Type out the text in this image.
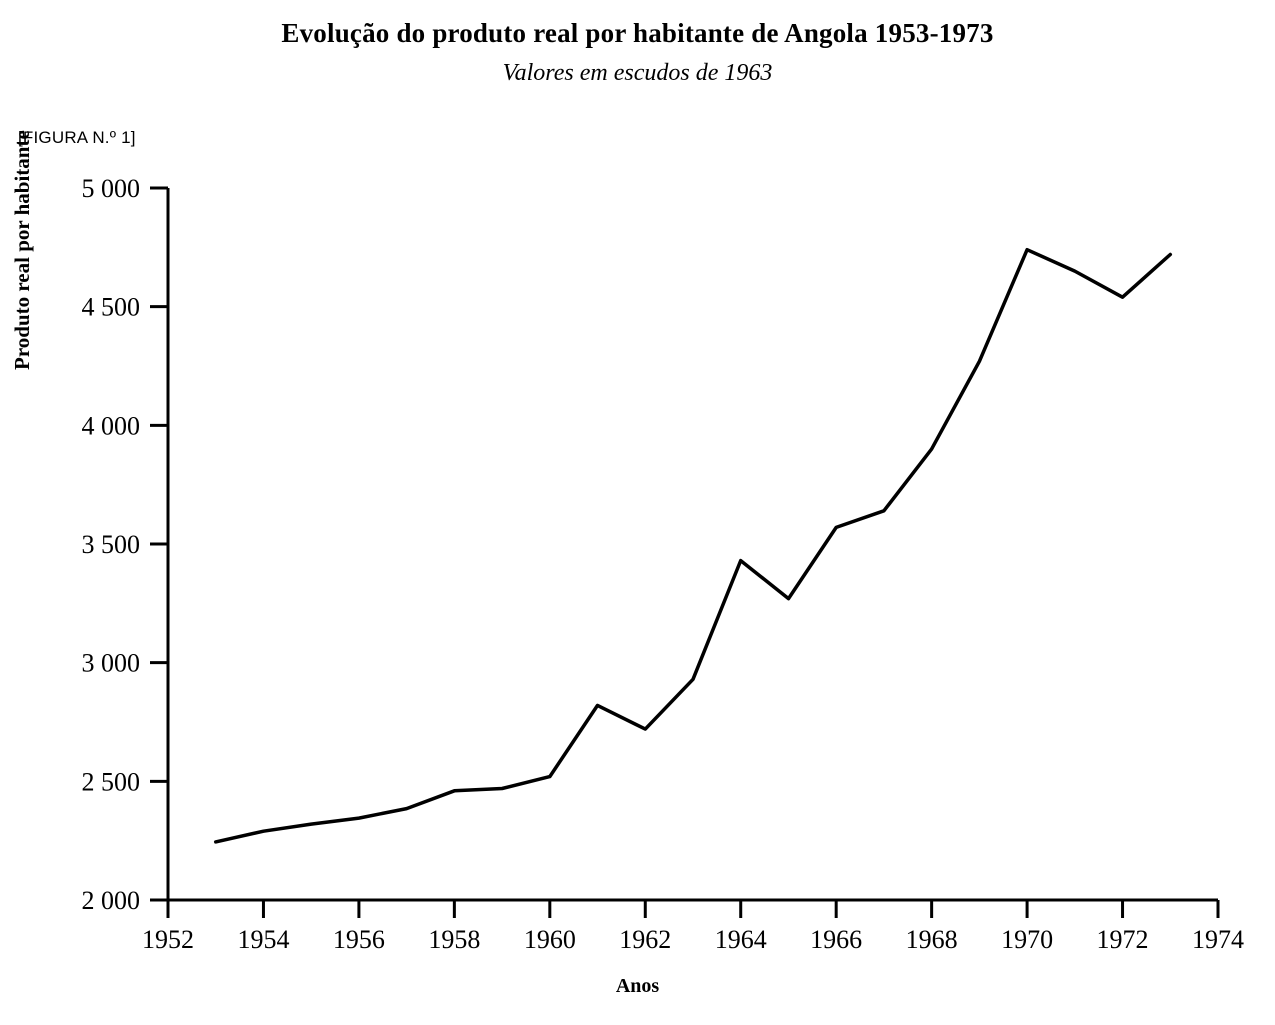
Evolução do produto real por habitante de Angola 1953-1973
Valores em escudos de 1963
[FIGURA N.º 1]
Produto real por habitante
Anos
2 000
2 500
3 000
3 500
4 000
4 500
5 000
1952 1954 1956 1958 1960 1962 1964 1966 1968 1970 1972 1974
